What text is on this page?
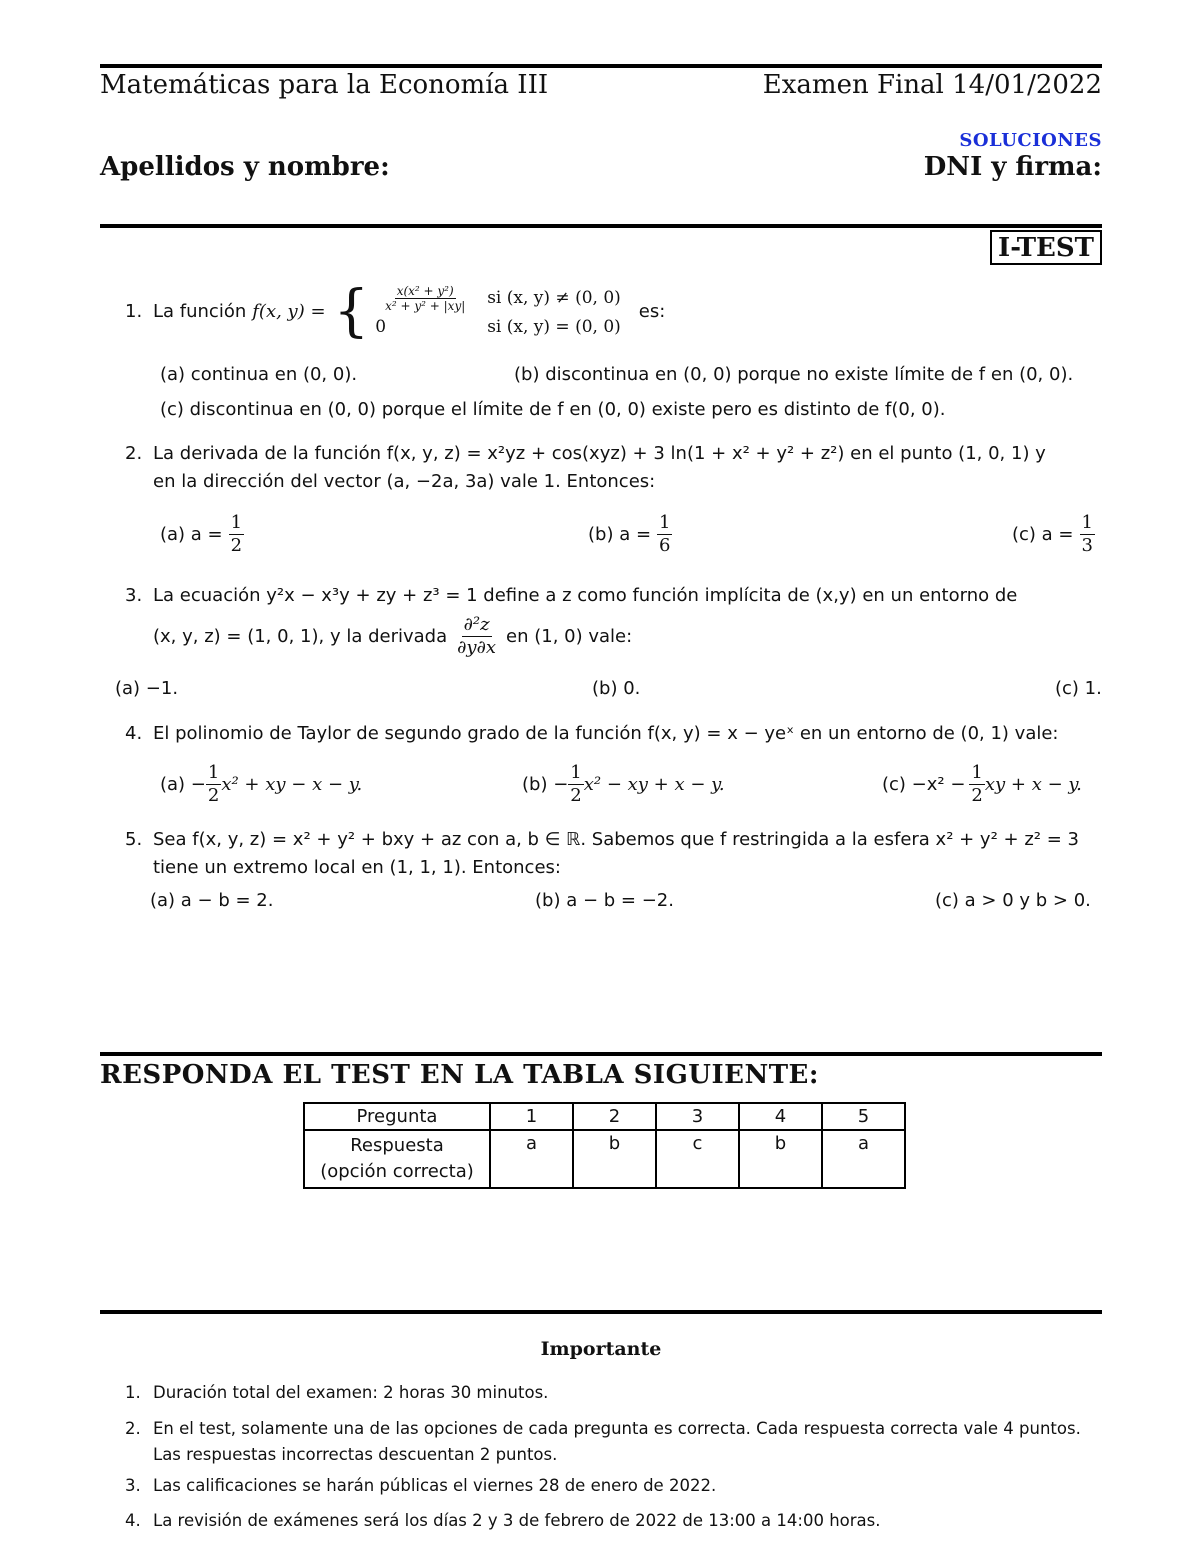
Matemáticas para la Economía III	Examen Final 14/01/2022
SOLUCIONES
Apellidos y nombre:	DNI y firma:
I-TEST
1. La función f(x, y) = { $\frac{\text{x(x² + y²)}}{\text{x² + y² + |xy|}}$ si (x, y) ≠ (0, 0)
0	si (x, y) = (0, 0)
es:
(a) continua en (0, 0).	(b) discontinua en (0, 0) porque no existe límite de f en (0, 0).
(c) discontinua en (0, 0) porque el límite de f en (0, 0) existe pero es distinto de f(0, 0).
2. La derivada de la función f(x, y, z) = x²yz + cos(xyz) + 3 ln(1 + x² + y² + z²) en el punto (1, 0, 1) y
en la dirección del vector (a, −2a, 3a) vale 1. Entonces:
(a) $a = \frac{1}{2}$	(b) $a = \frac{1}{6}$	(c) $a = \frac{1}{3}$
3. La ecuación y²x − x³y + zy + z³ = 1 define a z como función implícita de (x,y) en un entorno de
(x, y, z) = (1, 0, 1), y la derivada $\frac{\text{∂²z}}{\partial y\partial x}$ en (1, 0) vale:
(a) −1.	(b) 0.	(c) 1.
4. El polinomio de Taylor de segundo grado de la función f(x, y) = x − yeˣ en un entorno de (0, 1) vale:
$(a) - \frac{1}{2} x^2$ + xy − x − y.	$(b) - \frac{1}{2} x^2$ − xy + x − y.	$(c) -x^2 - \frac{1}{2}$ xy + x − y.
5. Sea f(x, y, z) = x² + y² + bxy + az con a, b ∈ ℝ. Sabemos que f restringida a la esfera x² + y² + z² = 3
tiene un extremo local en (1, 1, 1). Entonces:
(a) a − b = 2.	(b) a − b = −2.	(c) a > 0 y b > 0.
RESPONDA EL TEST EN LA TABLA SIGUIENTE:
Pregunta	1	2	3	4	5

Respuesta
(opción correcta)	a	b	c	b	a
Importante
1. Duración total del examen: 2 horas 30 minutos.
2. En el test, solamente una de las opciones de cada pregunta es correcta. Cada respuesta correcta vale 4 puntos.
Las respuestas incorrectas descuentan 2 puntos.
3. Las calificaciones se harán públicas el viernes 28 de enero de 2022.
4. La revisión de exámenes será los días 2 y 3 de febrero de 2022 de 13:00 a 14:00 horas.
